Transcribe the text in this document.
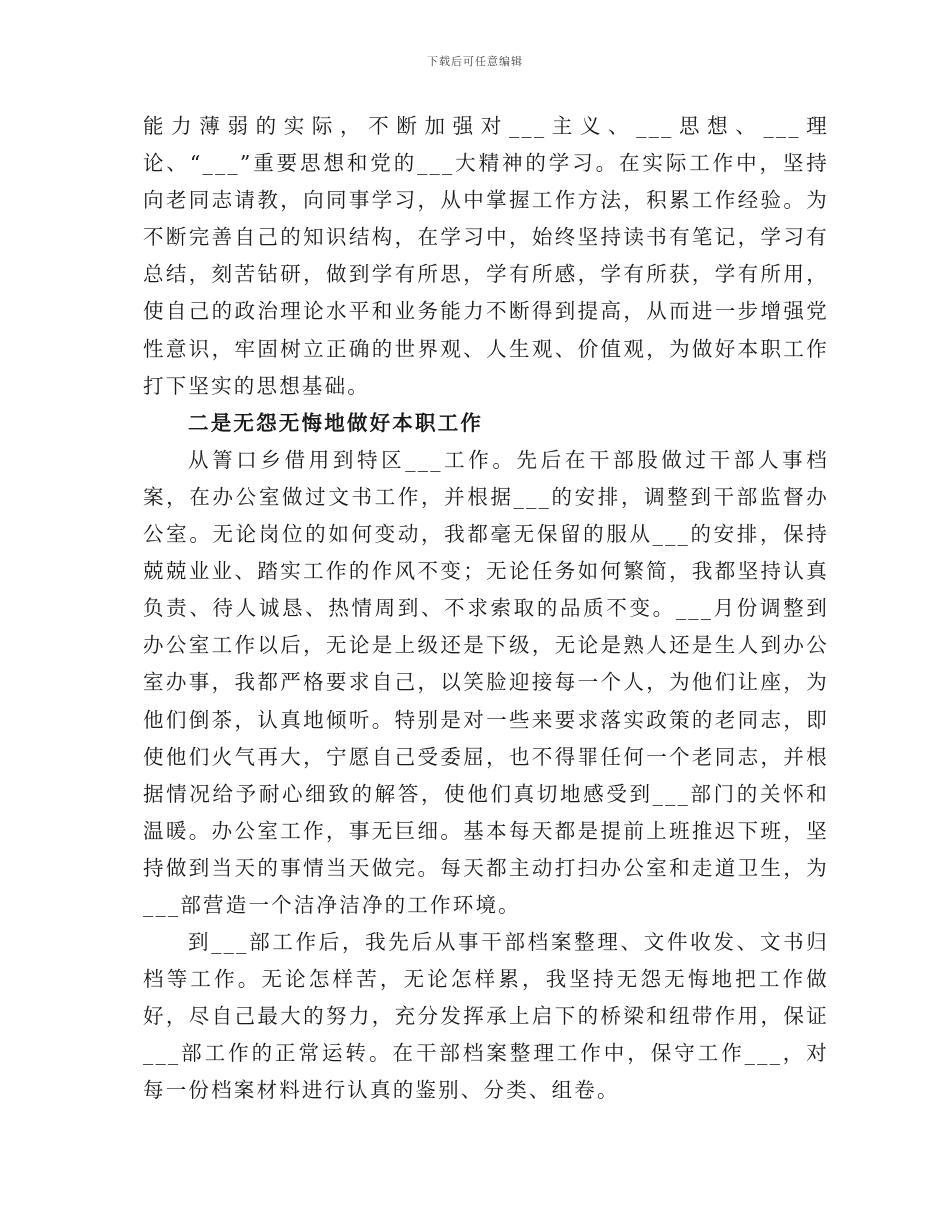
下载后可任意编辑

能力薄弱的实际，不断加强对___主义、___思想、___理论、“___”重要思想和党的___大精神的学习。在实际工作中，坚持向老同志请教，向同事学习，从中掌握工作方法，积累工作经验。为不断完善自己的知识结构，在学习中，始终坚持读书有笔记，学习有总结，刻苦钻研，做到学有所思，学有所感，学有所获，学有所用，使自己的政治理论水平和业务能力不断得到提高，从而进一步增强党性意识，牢固树立正确的世界观、人生观、价值观，为做好本职工作打下坚实的思想基础。

二是无怨无悔地做好本职工作

从箐口乡借用到特区___工作。先后在干部股做过干部人事档案，在办公室做过文书工作，并根据___的安排，调整到干部监督办公室。无论岗位的如何变动，我都毫无保留的服从___的安排，保持兢兢业业、踏实工作的作风不变；无论任务如何繁简，我都坚持认真负责、待人诚恳、热情周到、不求索取的品质不变。___月份调整到办公室工作以后，无论是上级还是下级，无论是熟人还是生人到办公室办事，我都严格要求自己，以笑脸迎接每一个人，为他们让座，为他们倒茶，认真地倾听。特别是对一些来要求落实政策的老同志，即使他们火气再大，宁愿自己受委屈，也不得罪任何一个老同志，并根据情况给予耐心细致的解答，使他们真切地感受到___部门的关怀和温暖。办公室工作，事无巨细。基本每天都是提前上班推迟下班，坚持做到当天的事情当天做完。每天都主动打扫办公室和走道卫生，为___部营造一个洁净洁净的工作环境。

到___部工作后，我先后从事干部档案整理、文件收发、文书归档等工作。无论怎样苦，无论怎样累，我坚持无怨无悔地把工作做好，尽自己最大的努力，充分发挥承上启下的桥梁和纽带作用，保证___部工作的正常运转。在干部档案整理工作中，保守工作___，对每一份档案材料进行认真的鉴别、分类、组卷。
